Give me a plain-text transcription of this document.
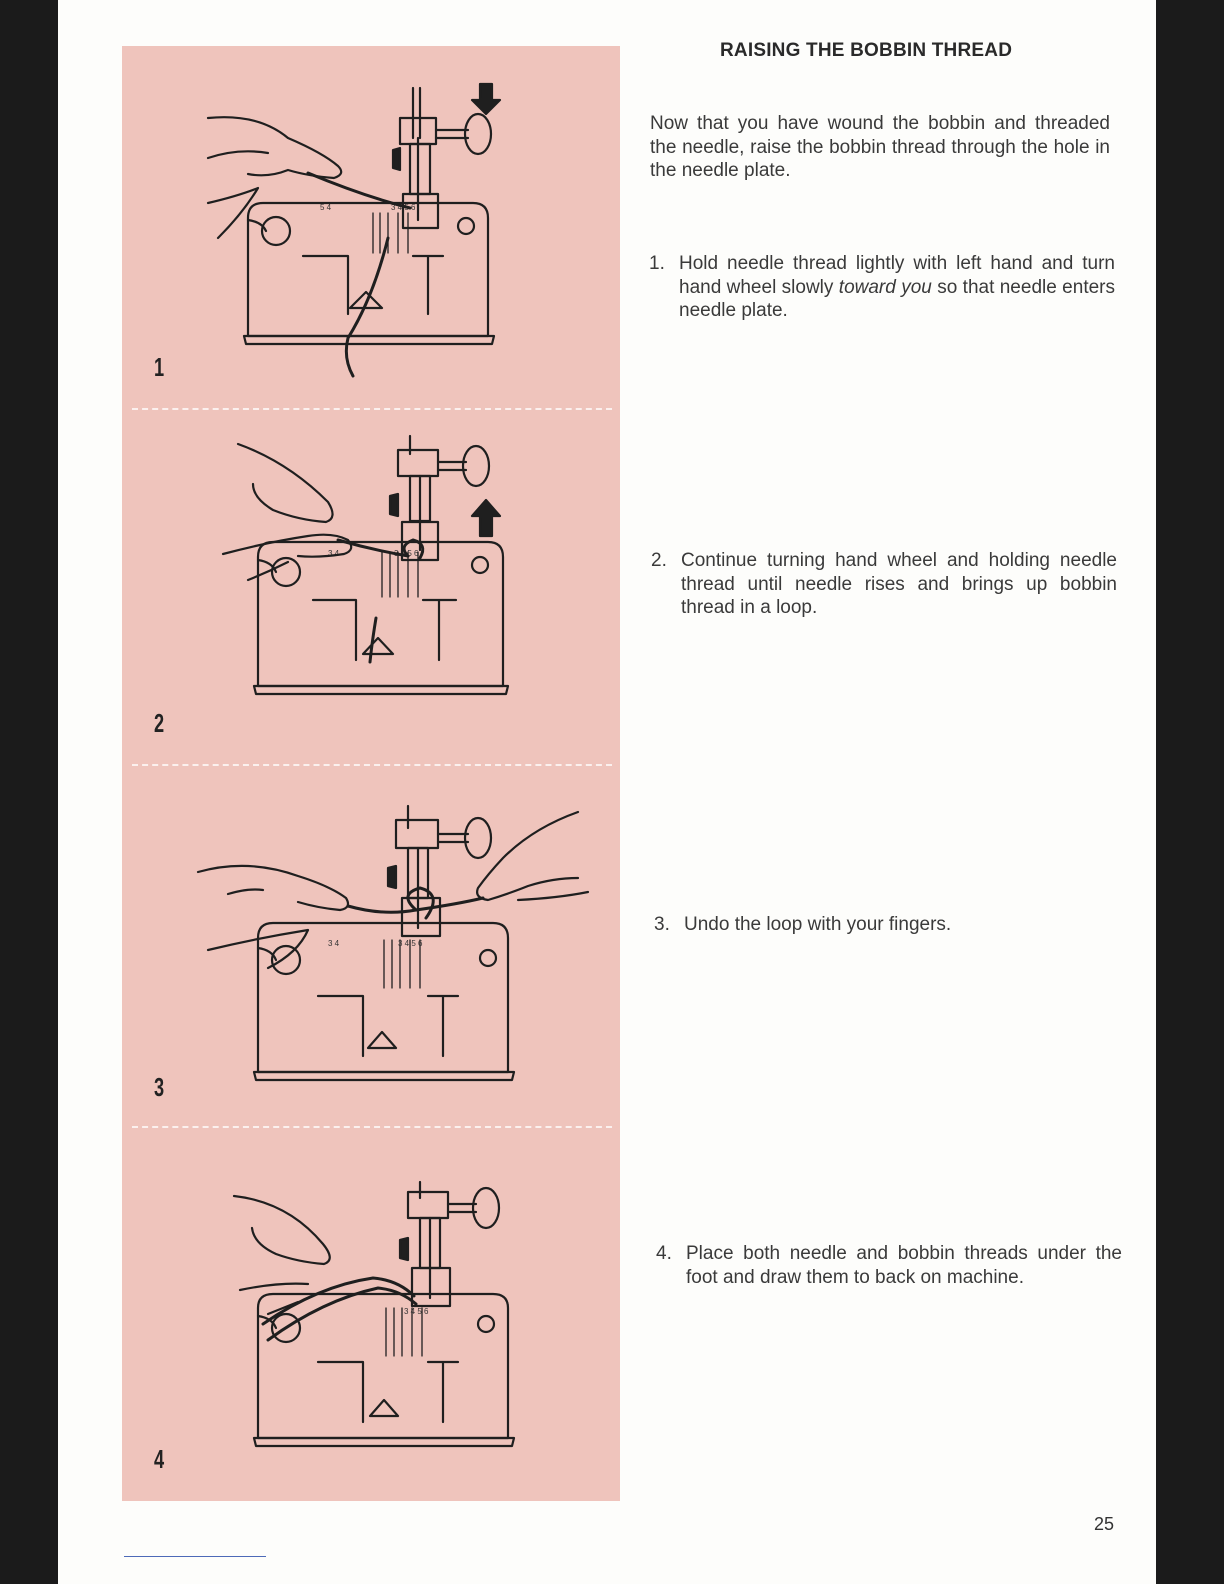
5 4	3 4 5 6
1
3 4	3 4 5 6
2
3 4	3 4 5 6
3
3 4 5 6
4
RAISING THE BOBBIN THREAD
Now that you have wound the bobbin and threaded the needle, raise the bobbin thread through the hole in the needle plate.
1. Hold needle thread lightly with left hand and turn hand wheel slowly toward you so that needle enters needle plate.
2. Continue turning hand wheel and holding needle thread until needle rises and brings up bobbin thread in a loop.
3. Undo the loop with your fingers.
4. Place both needle and bobbin threads under the foot and draw them to back on machine.
25
